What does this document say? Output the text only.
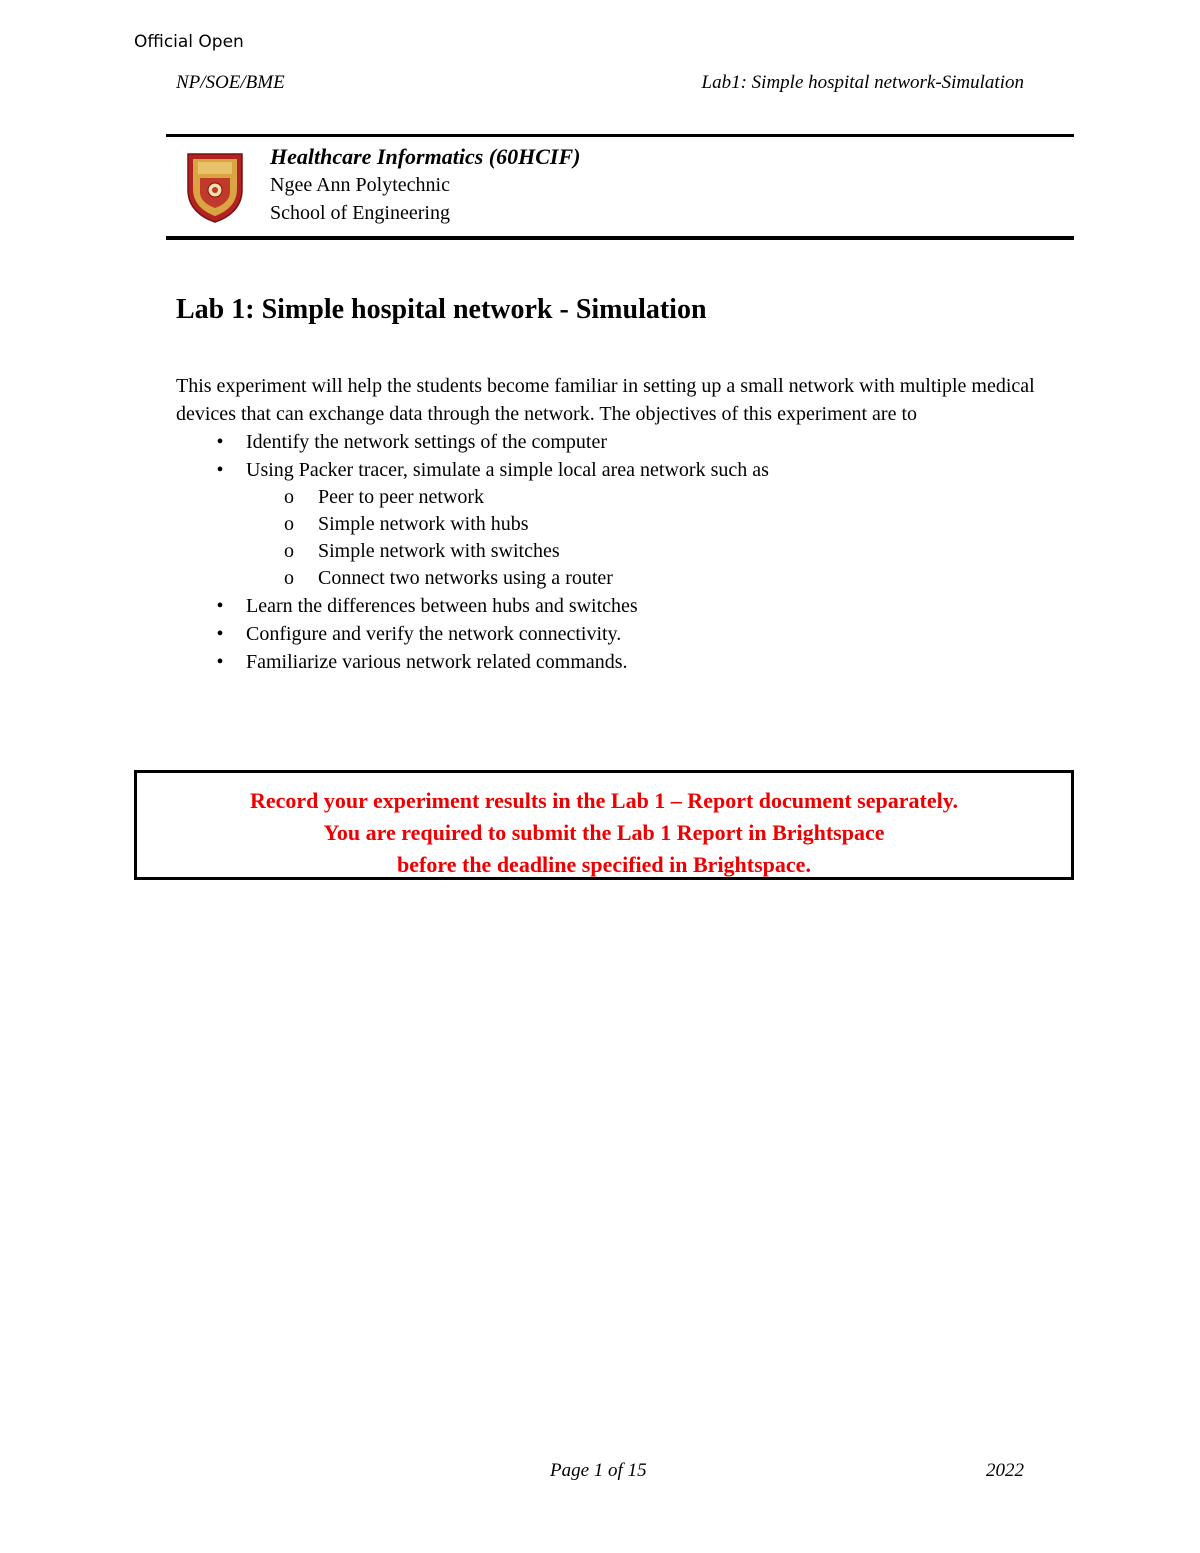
Official Open
NP/SOE/BME	Lab1: Simple hospital network-Simulation
Healthcare Informatics (60HCIF)
Ngee Ann Polytechnic
School of Engineering
Lab 1: Simple hospital network - Simulation

This experiment will help the students become familiar in setting up a small network with multiple medical devices that can exchange data through the network. The objectives of this experiment are to

• Identify the network settings of the computer
• Using Packer tracer, simulate a simple local area network such as
o Peer to peer network
o Simple network with hubs
o Simple network with switches
o Connect two networks using a router
• Learn the differences between hubs and switches
• Configure and verify the network connectivity.
• Familiarize various network related commands.
Record your experiment results in the Lab 1 – Report document separately.
You are required to submit the Lab 1 Report in Brightspace
before the deadline specified in Brightspace.
Page 1 of 15	2022
